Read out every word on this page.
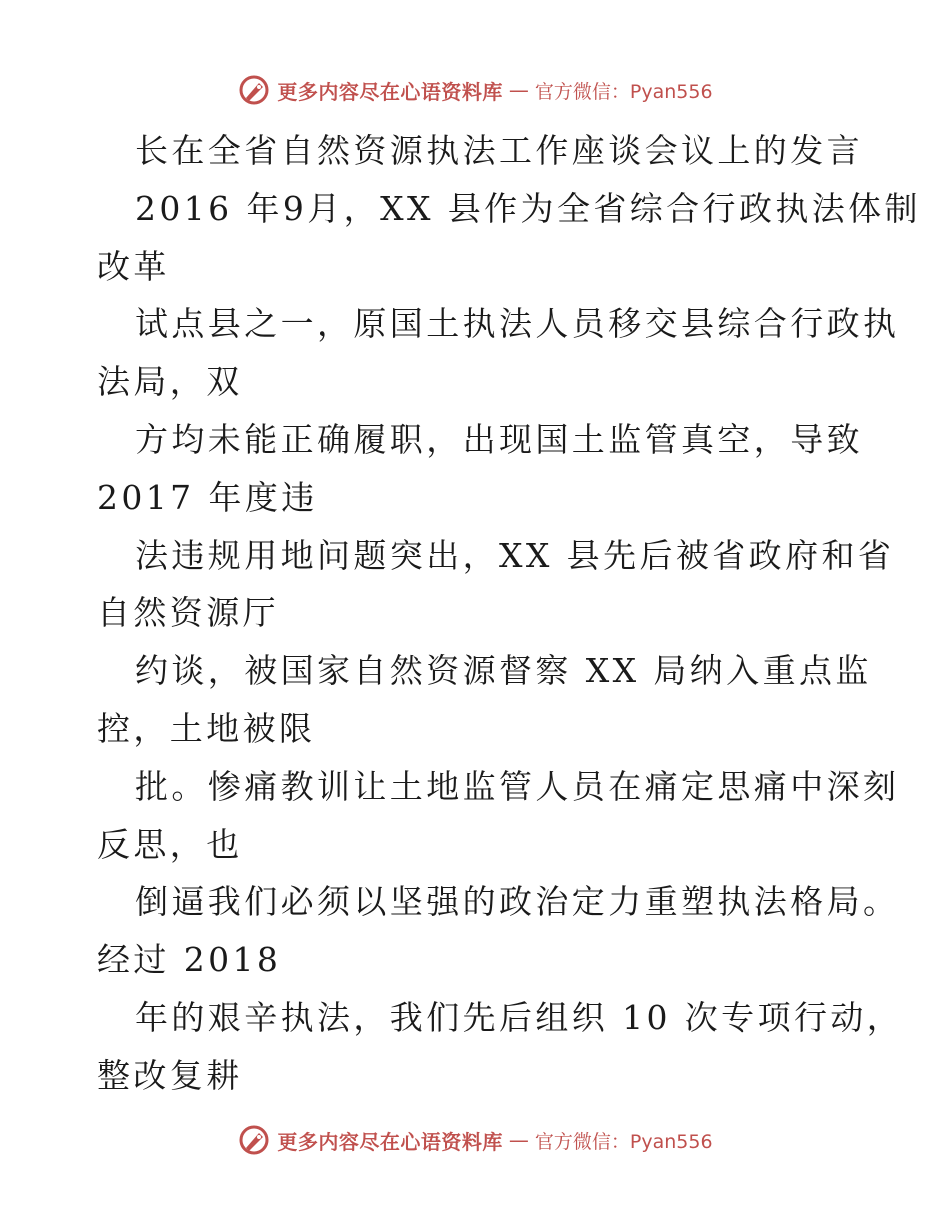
更多内容尽在心语资料库 — 官方微信：Pyan556
长在全省自然资源执法工作座谈会议上的发言
2016 年9月，XX 县作为全省综合行政执法体制
改革
试点县之一，原国土执法人员移交县综合行政执
法局，双
方均未能正确履职，出现国土监管真空，导致
2017 年度违
法违规用地问题突出，XX 县先后被省政府和省
自然资源厅
约谈，被国家自然资源督察 XX 局纳入重点监
控，土地被限
批。惨痛教训让土地监管人员在痛定思痛中深刻
反思，也
倒逼我们必须以坚强的政治定力重塑执法格局。
经过 2018
年的艰辛执法，我们先后组织 10 次专项行动，
整改复耕
更多内容尽在心语资料库 — 官方微信：Pyan556
